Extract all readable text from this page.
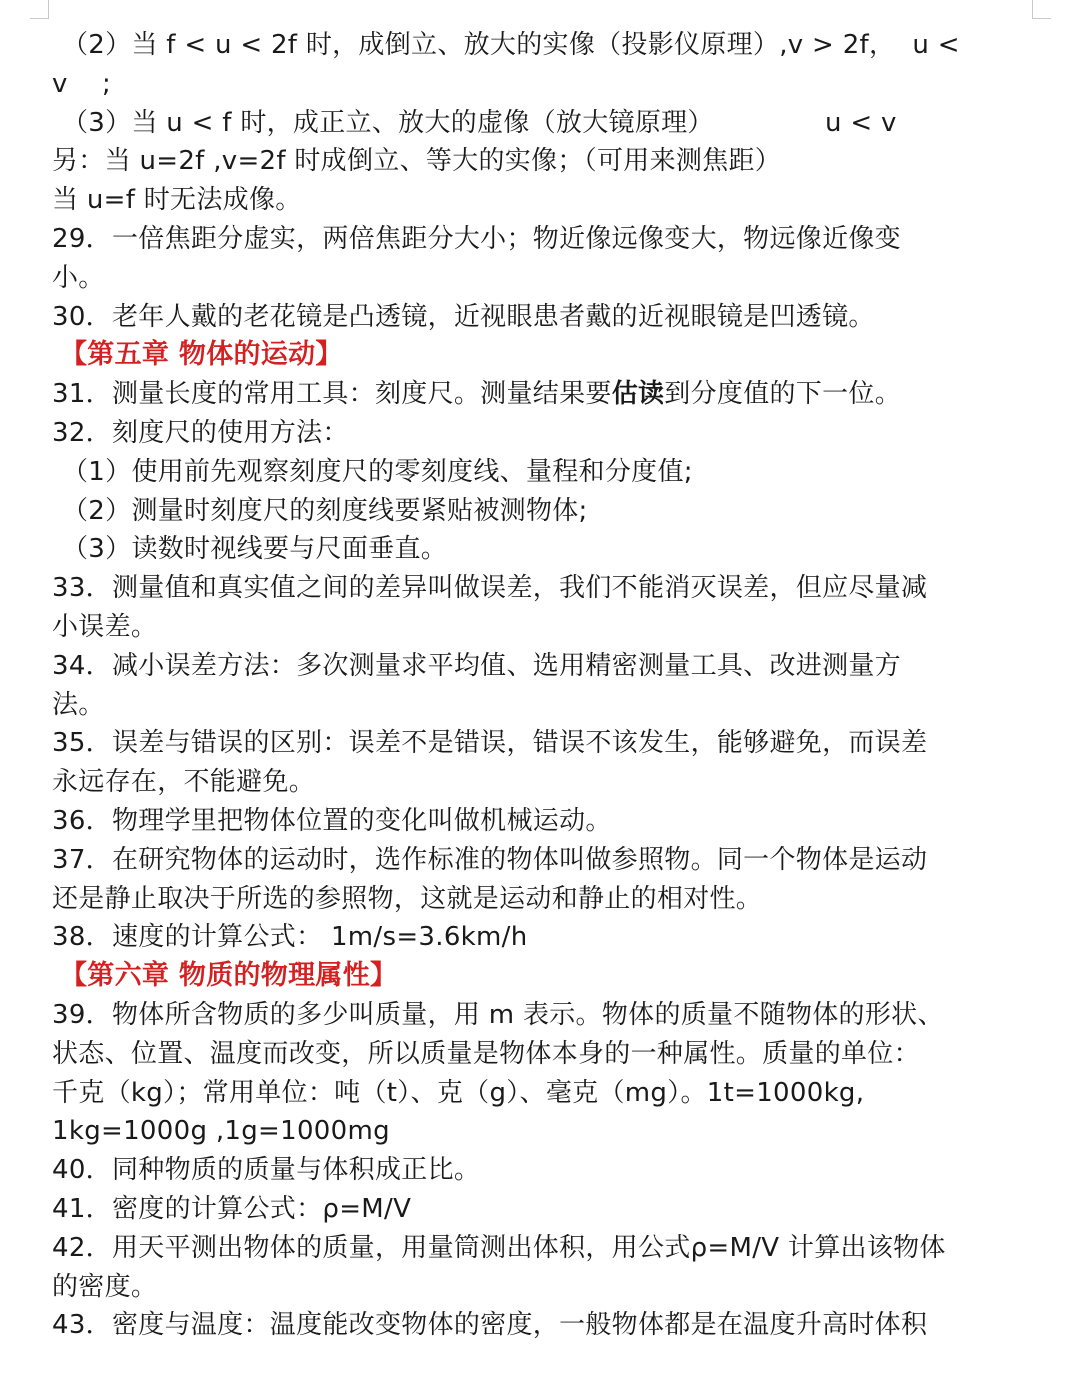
（2）当 f < u < 2f 时，成倒立、放大的实像（投影仪原理）,v > 2f，  u <
v    ;
（3）当 u < f 时，成正立、放大的虚像（放大镜原理）             u < v
另：当 u=2f ,v=2f 时成倒立、等大的实像；（可用来测焦距）
当 u=f 时无法成像。
29．一倍焦距分虚实，两倍焦距分大小；物近像远像变大，物远像近像变
小。
30．老年人戴的老花镜是凸透镜，近视眼患者戴的近视眼镜是凹透镜。
【第五章 物体的运动】
31．测量长度的常用工具：刻度尺。测量结果要估读到分度值的下一位。
32．刻度尺的使用方法：
（1）使用前先观察刻度尺的零刻度线、量程和分度值;
（2）测量时刻度尺的刻度线要紧贴被测物体;
（3）读数时视线要与尺面垂直。
33．测量值和真实值之间的差异叫做误差，我们不能消灭误差，但应尽量减
小误差。
34．减小误差方法：多次测量求平均值、选用精密测量工具、改进测量方
法。
35．误差与错误的区别：误差不是错误，错误不该发生，能够避免，而误差
永远存在，不能避免。
36．物理学里把物体位置的变化叫做机械运动。
37．在研究物体的运动时，选作标准的物体叫做参照物。同一个物体是运动
还是静止取决于所选的参照物，这就是运动和静止的相对性。
38．速度的计算公式： 1m/s=3.6km/h
【第六章 物质的物理属性】
39．物体所含物质的多少叫质量，用 m 表示。物体的质量不随物体的形状、
状态、位置、温度而改变，所以质量是物体本身的一种属性。质量的单位：
千克（kg）；常用单位：吨（t）、克（g）、毫克（mg）。1t=1000kg,
1kg=1000g ,1g=1000mg
40．同种物质的质量与体积成正比。
41．密度的计算公式：ρ=M/V
42．用天平测出物体的质量，用量筒测出体积，用公式ρ=M/V 计算出该物体
的密度。
43．密度与温度：温度能改变物体的密度，一般物体都是在温度升高时体积
